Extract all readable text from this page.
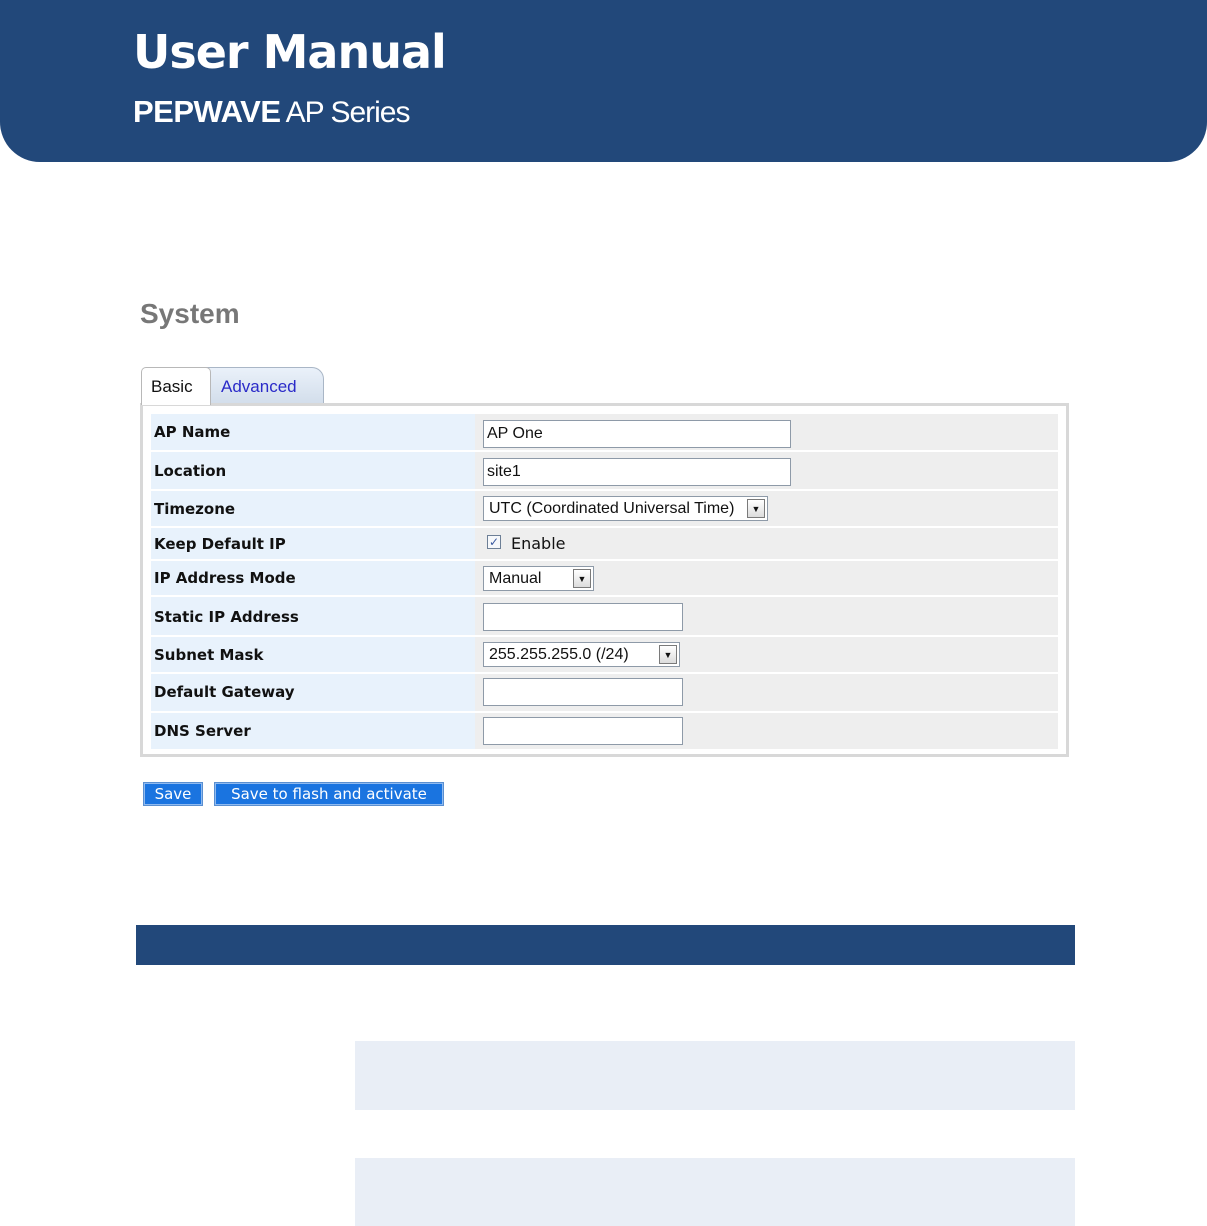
User Manual
PEPWAVE AP Series
System
Basic	Advanced
AP Name	AP One
Location	site1
Timezone	UTC (Coordinated Universal Time)	▼
Keep Default IP	✓ Enable
IP Address Mode	Manual	▼
Static IP Address
Subnet Mask	255.255.255.0 (/24)	▼
Default Gateway
DNS Server
Save	Save to flash and activate
